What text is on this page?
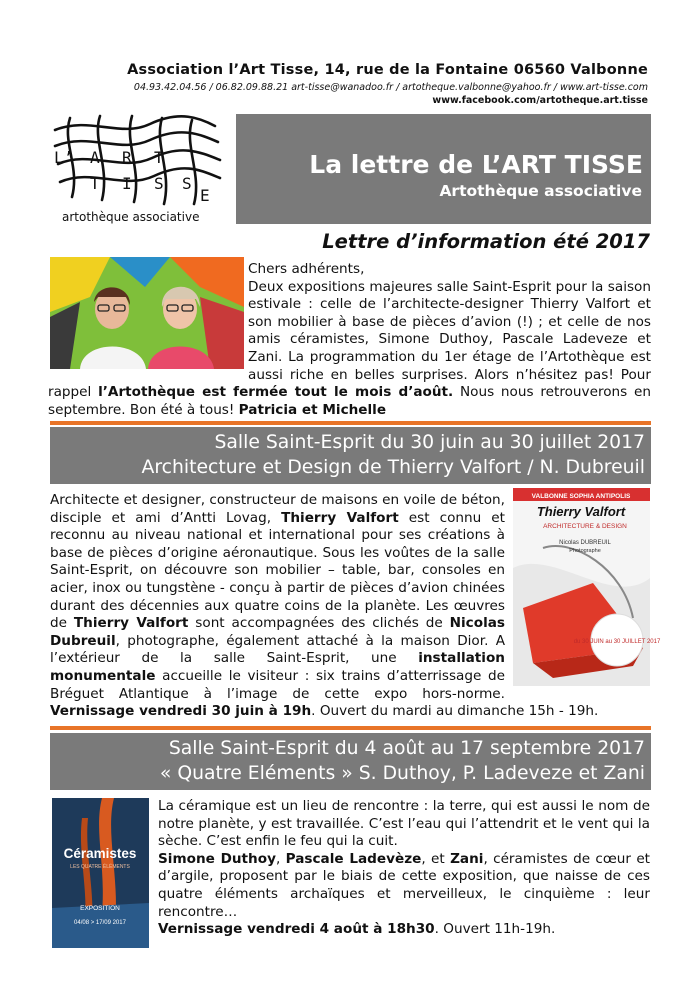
Association l’Art Tisse, 14, rue de la Fontaine 06560 Valbonne
04.93.42.04.56 / 06.82.09.88.21 art-tisse@wanadoo.fr / artotheque.valbonne@yahoo.fr / www.art-tisse.com
www.facebook.com/artotheque.art.tisse
L’ A R T
T I S S
E
artothèque associative
La lettre de L’ART TISSE
Artothèque associative
Lettre d’information été 2017
Chers adhérents,
Deux expositions majeures salle Saint-Esprit pour la saison estivale : celle de l’architecte-designer Thierry Valfort et son mobilier à base de pièces d’avion (!) ; et celle de nos amis céramistes, Simone Duthoy, Pascale Ladeveze et Zani. La programmation du 1er étage de l’Artothèque est aussi riche en belles surprises. Alors n’hésitez pas! Pour rappel l’Artothèque est fermée tout le mois d’août. Nous nous retrouverons en septembre. Bon été à tous! Patricia et Michelle
Salle Saint-Esprit du 30 juin au 30 juillet 2017
Architecture et Design de Thierry Valfort / N. Dubreuil
VALBONNE SOPHIA ANTIPOLIS
Thierry Valfort
ARCHITECTURE & DESIGN
Nicolas DUBREUIL
Photographe
du 30 JUIN au 30 JUILLET 2017
Architecte et designer, constructeur de maisons en voile de béton, disciple et ami d’Antti Lovag, Thierry Valfort est connu et reconnu au niveau national et international pour ses créations à base de pièces d’origine aéronautique. Sous les voûtes de la salle Saint-Esprit, on découvre son mobilier – table, bar, consoles en acier, inox ou tungstène - conçu à partir de pièces d’avion chinées durant des décennies aux quatre coins de la planète. Les œuvres de Thierry Valfort sont accompagnées des clichés de Nicolas Dubreuil, photographe, également attaché à la maison Dior. A l’extérieur de la salle Saint-Esprit, une installation monumentale accueille le visiteur : six trains d’atterrissage de Bréguet Atlantique à l’image de cette expo hors-norme. Vernissage vendredi 30 juin à 19h. Ouvert du mardi au dimanche 15h - 19h.
Salle Saint-Esprit du 4 août au 17 septembre 2017
« Quatre Eléments » S. Duthoy, P. Ladeveze et Zani
Céramistes
LES QUATRE ÉLÉMENTS
EXPOSITION
04/08 > 17/09 2017
La céramique est un lieu de rencontre : la terre, qui est aussi le nom de notre planète, y est travaillée. C’est l’eau qui l’attendrit et le vent qui la sèche. C’est enfin le feu qui la cuit.
Simone Duthoy, Pascale Ladevèze, et Zani, céramistes de cœur et d’argile, proposent par le biais de cette exposition, que naisse de ces quatre éléments archaïques et merveilleux, le cinquième : leur rencontre…
Vernissage vendredi 4 août à 18h30. Ouvert 11h-19h.
